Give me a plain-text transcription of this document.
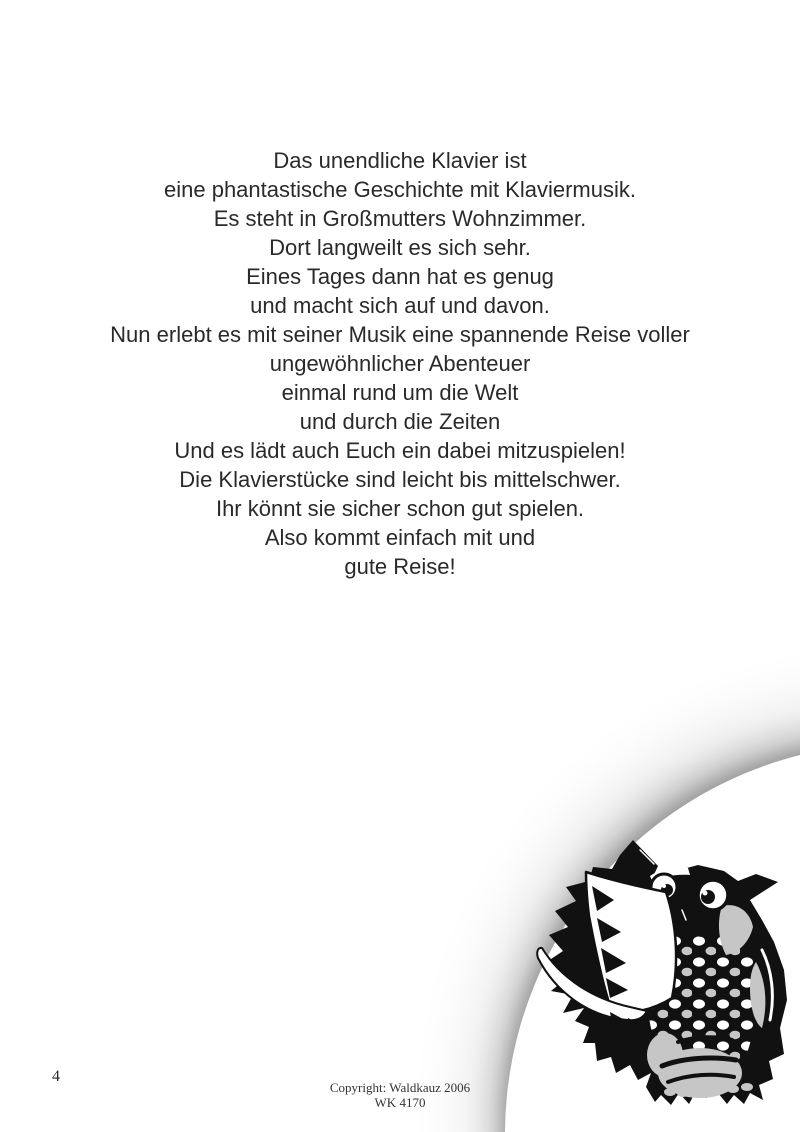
Das unendliche Klavier ist
eine phantastische Geschichte mit Klaviermusik.
Es steht in Großmutters Wohnzimmer.
Dort langweilt es sich sehr.
Eines Tages dann hat es genug
und macht sich auf und davon.
Nun erlebt es mit seiner Musik eine spannende Reise voller
ungewöhnlicher Abenteuer
einmal rund um die Welt
und durch die Zeiten
Und es lädt auch Euch ein dabei mitzuspielen!
Die Klavierstücke sind leicht bis mittelschwer.
Ihr könnt sie sicher schon gut spielen.
Also kommt einfach mit und
gute Reise!
4
Copyright: Waldkauz 2006
WK 4170
